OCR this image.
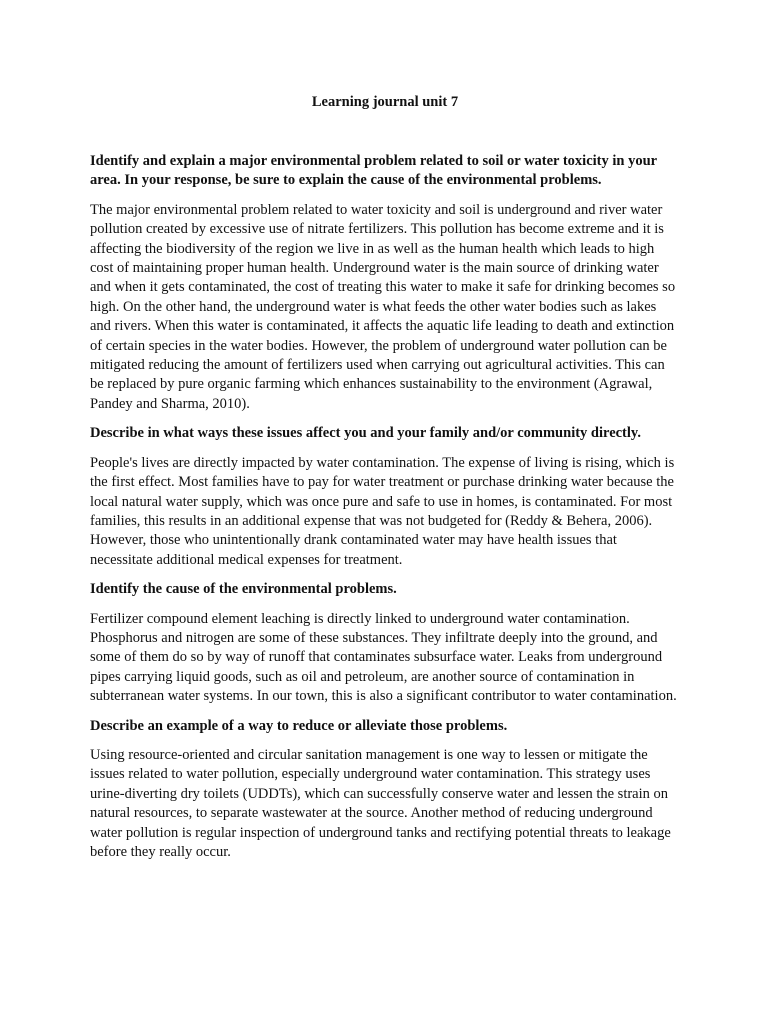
Learning journal unit 7

Identify and explain a major environmental problem related to soil or water toxicity in your area. In your response, be sure to explain the cause of the environmental problems.

The major environmental problem related to water toxicity and soil is underground and river water pollution created by excessive use of nitrate fertilizers. This pollution has become extreme and it is affecting the biodiversity of the region we live in as well as the human health which leads to high cost of maintaining proper human health. Underground water is the main source of drinking water and when it gets contaminated, the cost of treating this water to make it safe for drinking becomes so high. On the other hand, the underground water is what feeds the other water bodies such as lakes and rivers. When this water is contaminated, it affects the aquatic life leading to death and extinction of certain species in the water bodies. However, the problem of underground water pollution can be mitigated reducing the amount of fertilizers used when carrying out agricultural activities. This can be replaced by pure organic farming which enhances sustainability to the environment (Agrawal, Pandey and Sharma, 2010).

Describe in what ways these issues affect you and your family and/or community directly.

People's lives are directly impacted by water contamination. The expense of living is rising, which is the first effect. Most families have to pay for water treatment or purchase drinking water because the local natural water supply, which was once pure and safe to use in homes, is contaminated. For most families, this results in an additional expense that was not budgeted for (Reddy & Behera, 2006). However, those who unintentionally drank contaminated water may have health issues that necessitate additional medical expenses for treatment.

Identify the cause of the environmental problems.

Fertilizer compound element leaching is directly linked to underground water contamination. Phosphorus and nitrogen are some of these substances. They infiltrate deeply into the ground, and some of them do so by way of runoff that contaminates subsurface water. Leaks from underground pipes carrying liquid goods, such as oil and petroleum, are another source of contamination in subterranean water systems. In our town, this is also a significant contributor to water contamination.

Describe an example of a way to reduce or alleviate those problems.

Using resource-oriented and circular sanitation management is one way to lessen or mitigate the issues related to water pollution, especially underground water contamination. This strategy uses urine-diverting dry toilets (UDDTs), which can successfully conserve water and lessen the strain on natural resources, to separate wastewater at the source. Another method of reducing underground water pollution is regular inspection of underground tanks and rectifying potential threats to leakage before they really occur.
